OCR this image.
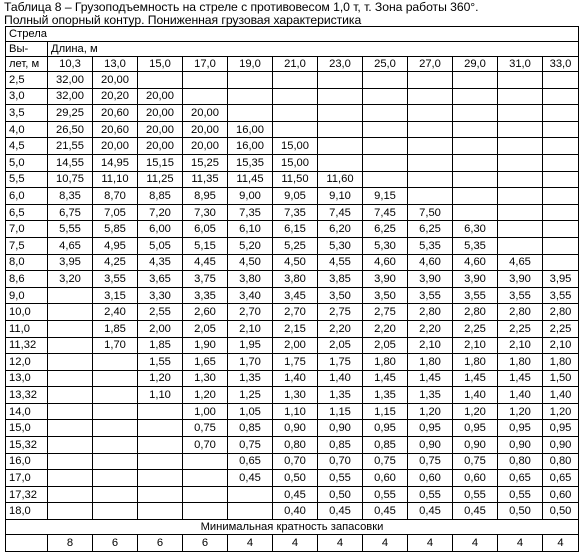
Таблица 8 – Грузоподъемность на стреле с противовесом 1,0 т, т. Зона работы 360°.
Полный опорный контур. Пониженная грузовая характеристика
Стрела												
Вы-	Длина, м											
лет, м	10,3	13,0	15,0	17,0	19,0	21,0	23,0	25,0	27,0	29,0	31,0	33,0
2,5	32,00	20,00										
3,0	32,00	20,20	20,00									
3,5	29,25	20,60	20,00	20,00								
4,0	26,50	20,60	20,00	20,00	16,00							
4,5	21,55	20,00	20,00	20,00	16,00	15,00						
5,0	14,55	14,95	15,15	15,25	15,35	15,00						
5,5	10,75	11,10	11,25	11,35	11,45	11,50	11,60					
6,0	8,35	8,70	8,85	8,95	9,00	9,05	9,10	9,15				
6,5	6,75	7,05	7,20	7,30	7,35	7,35	7,45	7,45	7,50			
7,0	5,55	5,85	6,00	6,05	6,10	6,15	6,20	6,25	6,25	6,30		
7,5	4,65	4,95	5,05	5,15	5,20	5,25	5,30	5,30	5,35	5,35		
8,0	3,95	4,25	4,35	4,45	4,50	4,50	4,55	4,60	4,60	4,60	4,65	
8,6	3,20	3,55	3,65	3,75	3,80	3,80	3,85	3,90	3,90	3,90	3,90	3,95
9,0		3,15	3,30	3,35	3,40	3,45	3,50	3,50	3,55	3,55	3,55	3,55
10,0		2,40	2,55	2,60	2,70	2,70	2,75	2,75	2,80	2,80	2,80	2,80
11,0		1,85	2,00	2,05	2,10	2,15	2,20	2,20	2,20	2,25	2,25	2,25
11,32		1,70	1,85	1,90	1,95	2,00	2,05	2,05	2,10	2,10	2,10	2,10
12,0			1,55	1,65	1,70	1,75	1,75	1,80	1,80	1,80	1,80	1,80
13,0			1,20	1,30	1,35	1,40	1,40	1,45	1,45	1,45	1,45	1,50
13,32			1,10	1,20	1,25	1,30	1,35	1,35	1,35	1,40	1,40	1,40
14,0				1,00	1,05	1,10	1,15	1,15	1,20	1,20	1,20	1,20
15,0				0,75	0,85	0,90	0,90	0,95	0,95	0,95	0,95	0,95
15,32				0,70	0,75	0,80	0,85	0,85	0,90	0,90	0,90	0,90
16,0					0,65	0,70	0,70	0,75	0,75	0,75	0,80	0,80
17,0					0,45	0,50	0,55	0,60	0,60	0,60	0,65	0,65
17,32						0,45	0,50	0,55	0,55	0,55	0,55	0,60
18,0						0,40	0,45	0,45	0,45	0,45	0,50	0,50
Минимальная кратность запасовки												
	8	6	6	6	4	4	4	4	4	4	4	4
